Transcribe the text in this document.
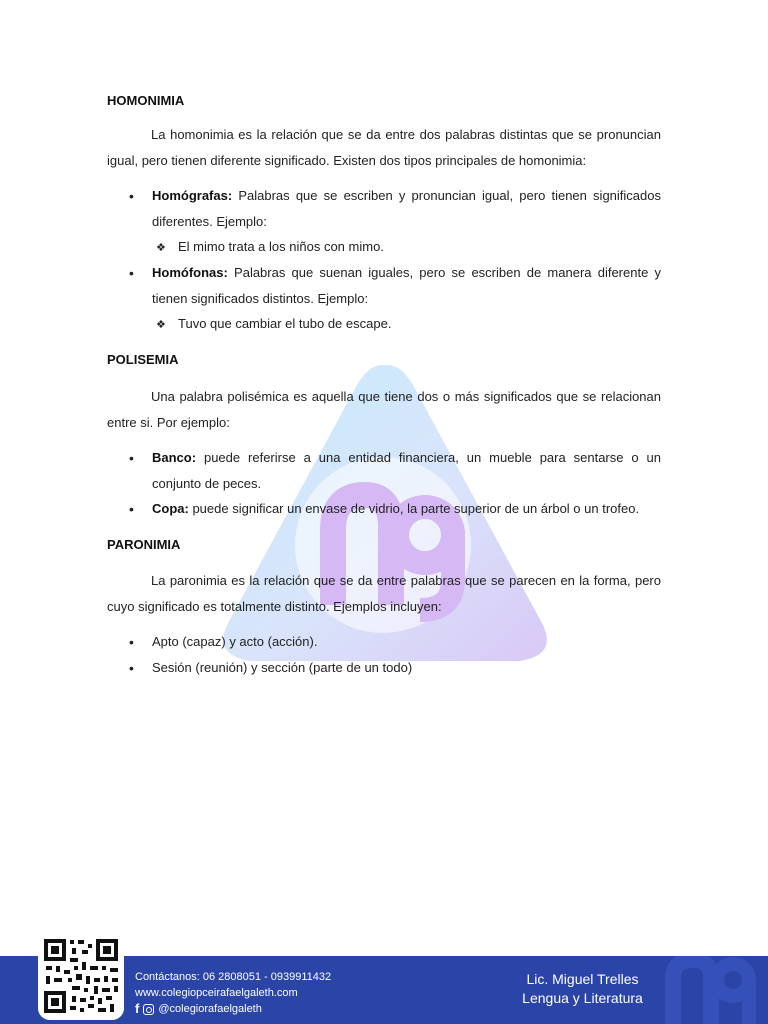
HOMONIMIA
La homonimia es la relación que se da entre dos palabras distintas que se pronuncian igual, pero tienen diferente significado. Existen dos tipos principales de homonimia:
• Homógrafas: Palabras que se escriben y pronuncian igual, pero tienen significados diferentes. Ejemplo:
❖ El mimo trata a los niños con mimo.
• Homófonas: Palabras que suenan iguales, pero se escriben de manera diferente y tienen significados distintos. Ejemplo:
❖ Tuvo que cambiar el tubo de escape.
POLISEMIA
Una palabra polisémica es aquella que tiene dos o más significados que se relacionan entre si. Por ejemplo:
• Banco: puede referirse a una entidad financiera, un mueble para sentarse o un conjunto de peces.
• Copa: puede significar un envase de vidrio, la parte superior de un árbol o un trofeo.
PARONIMIA
La paronimia es la relación que se da entre palabras que se parecen en la forma, pero cuyo significado es totalmente distinto. Ejemplos incluyen:
• Apto (capaz) y acto (acción).
• Sesión (reunión) y sección (parte de un todo)
Contáctanos: 06 2808051 - 0939911432
www.colegiopceirafaelgaleth.com
f @colegiorafaelgaleth
Lic. Miguel Trelles
Lengua y Literatura
